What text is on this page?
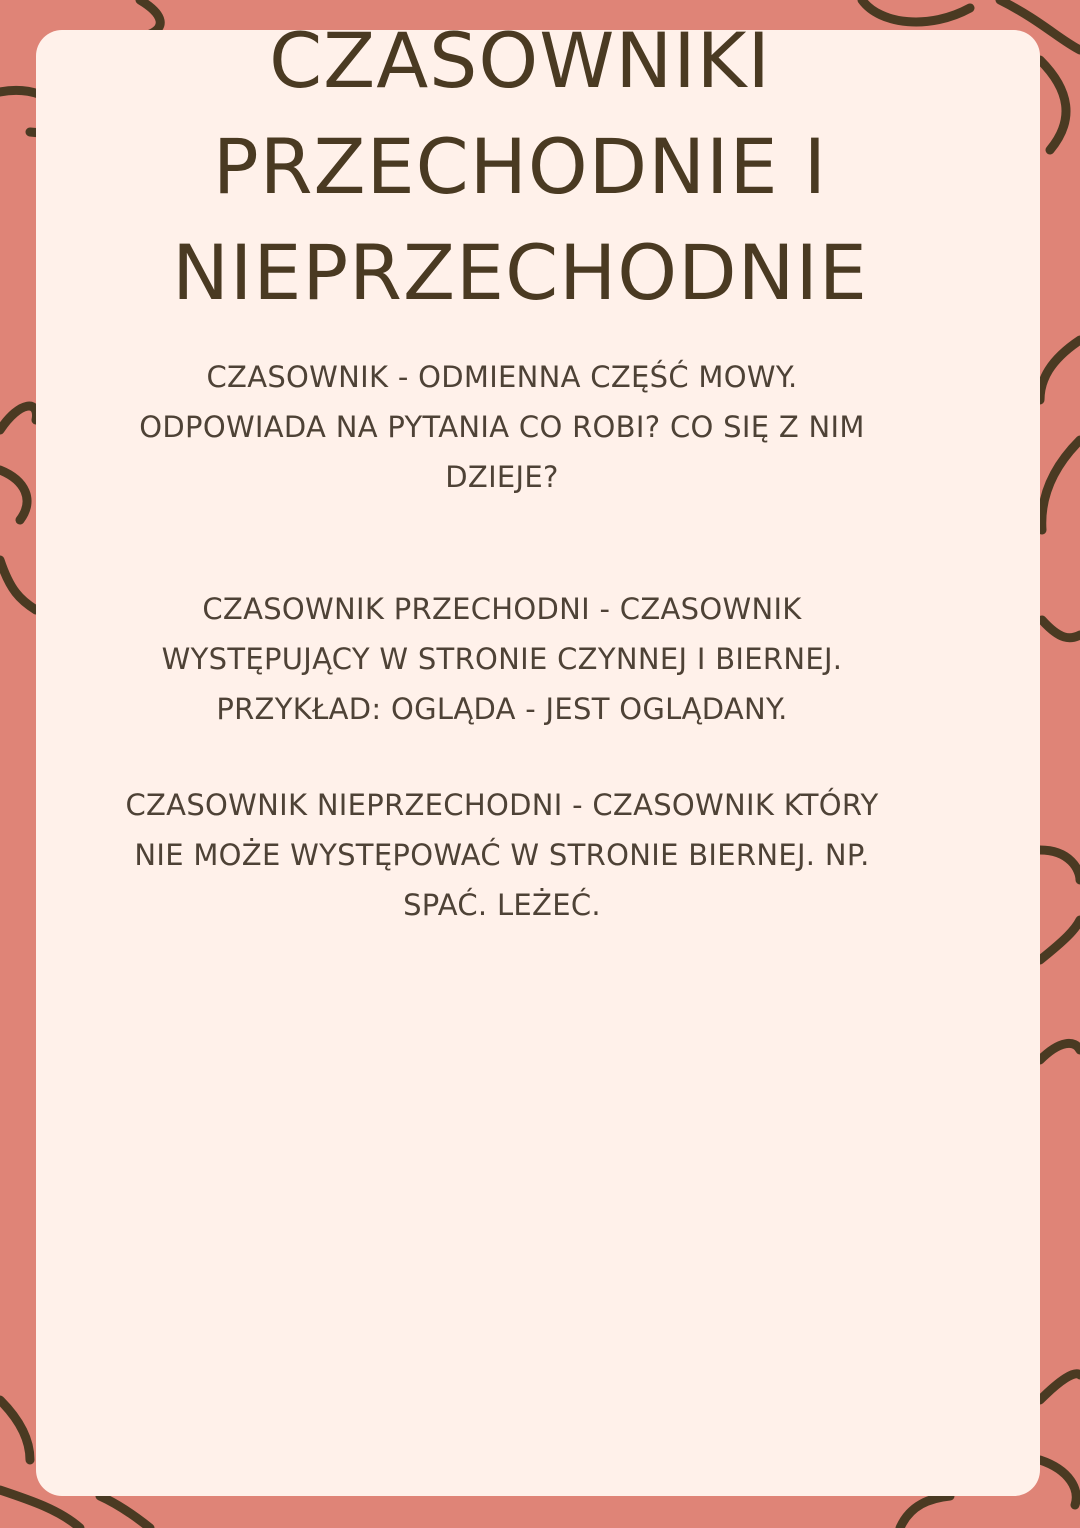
CZASOWNIKI
PRZECHODNIE I
NIEPRZECHODNIE

CZASOWNIK - ODMIENNA CZĘŚĆ MOWY.
ODPOWIADA NA PYTANIA CO ROBI? CO SIĘ Z NIM
DZIEJE?

CZASOWNIK PRZECHODNI - CZASOWNIK
WYSTĘPUJĄCY W STRONIE CZYNNEJ I BIERNEJ.
PRZYKŁAD: OGLĄDA - JEST OGLĄDANY.

CZASOWNIK NIEPRZECHODNI - CZASOWNIK KTÓRY
NIE MOŻE WYSTĘPOWAĆ W STRONIE BIERNEJ. NP.
SPAĆ. LEŻEĆ.
